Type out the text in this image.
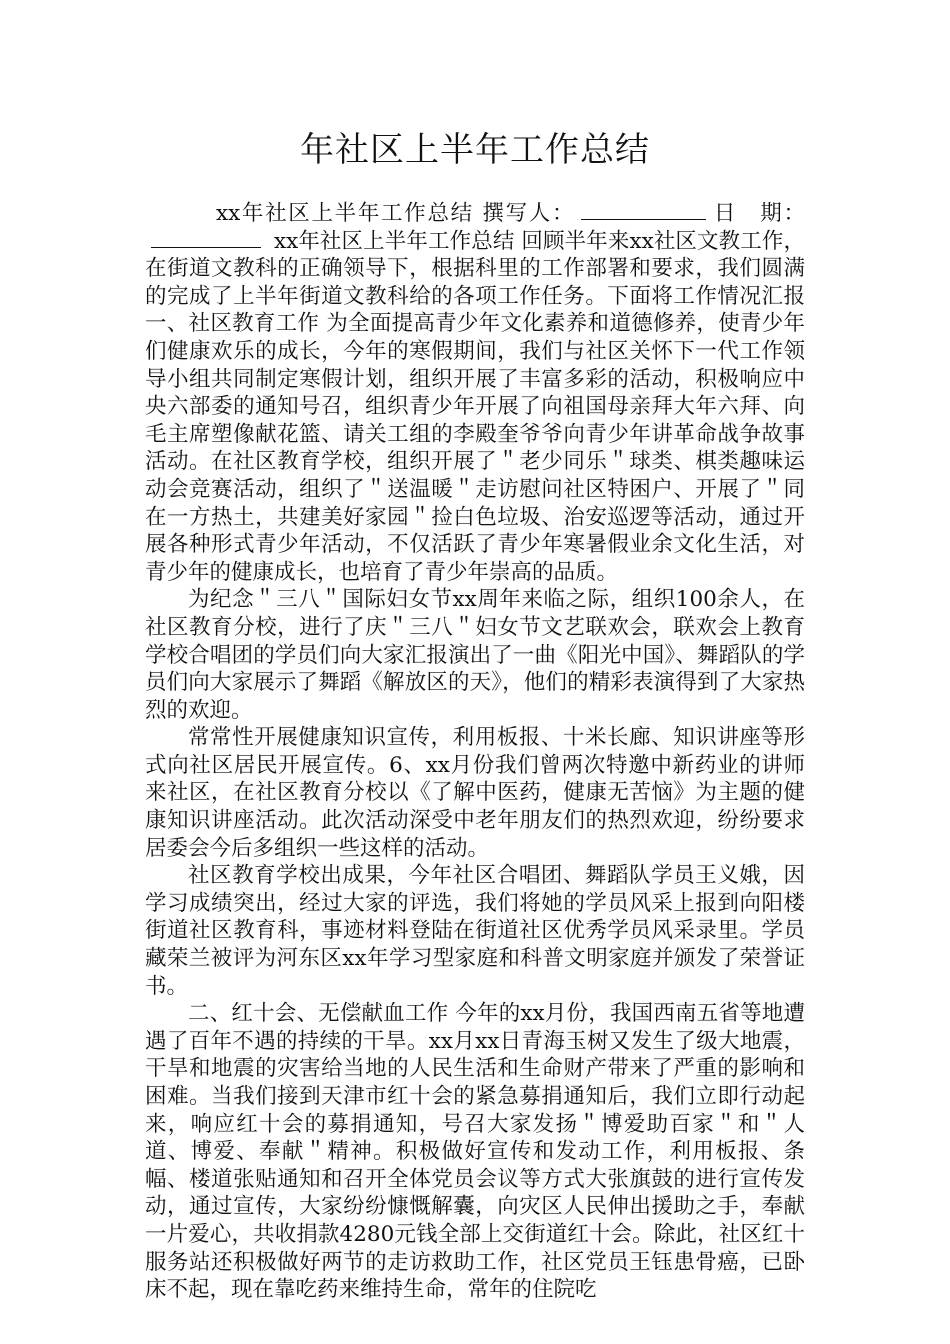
年社区上半年工作总结

xx年社区上半年工作总结 撰写人：	日　期： xx年社区上半年工作总结 回顾半年来xx社区文教工作，在街道文教科的正确领导下，根据科里的工作部署和要求，我们圆满的完成了上半年街道文教科给的各项工作任务。下面将工作情况汇报 一、社区教育工作 为全面提高青少年文化素养和道德修养，使青少年们健康欢乐的成长，今年的寒假期间，我们与社区关怀下一代工作领导小组共同制定寒假计划，组织开展了丰富多彩的活动，积极响应中央六部委的通知号召，组织青少年开展了向祖国母亲拜大年六拜、向毛主席塑像献花篮、请关工组的李殿奎爷爷向青少年讲革命战争故事活动。在社区教育学校，组织开展了＂老少同乐＂球类、棋类趣味运动会竞赛活动，组织了＂送温暖＂走访慰问社区特困户、开展了＂同在一方热土，共建美好家园＂捡白色垃圾、治安巡逻等活动，通过开展各种形式青少年活动，不仅活跃了青少年寒暑假业余文化生活，对青少年的健康成长，也培育了青少年崇高的品质。

为纪念＂三八＂国际妇女节xx周年来临之际，组织100余人，在社区教育分校，进行了庆＂三八＂妇女节文艺联欢会，联欢会上教育学校合唱团的学员们向大家汇报演出了一曲《阳光中国》、舞蹈队的学员们向大家展示了舞蹈《解放区的天》，他们的精彩表演得到了大家热烈的欢迎。

常常性开展健康知识宣传，利用板报、十米长廊、知识讲座等形式向社区居民开展宣传。6、xx月份我们曾两次特邀中新药业的讲师来社区，在社区教育分校以《了解中医药，健康无苦恼》为主题的健康知识讲座活动。此次活动深受中老年朋友们的热烈欢迎，纷纷要求居委会今后多组织一些这样的活动。

社区教育学校出成果，今年社区合唱团、舞蹈队学员王义娥，因学习成绩突出，经过大家的评选，我们将她的学员风采上报到向阳楼街道社区教育科，事迹材料登陆在街道社区优秀学员风采录里。学员藏荣兰被评为河东区xx年学习型家庭和科普文明家庭并颁发了荣誉证书。

二、红十会、无偿献血工作 今年的xx月份，我国西南五省等地遭遇了百年不遇的持续的干旱。xx月xx日青海玉树又发生了级大地震，干旱和地震的灾害给当地的人民生活和生命财产带来了严重的影响和困难。当我们接到天津市红十会的紧急募捐通知后，我们立即行动起来，响应红十会的募捐通知，号召大家发扬＂博爱助百家＂和＂人道、博爱、奉献＂精神。积极做好宣传和发动工作，利用板报、条幅、楼道张贴通知和召开全体党员会议等方式大张旗鼓的进行宣传发动，通过宣传，大家纷纷慷慨解囊，向灾区人民伸出援助之手，奉献一片爱心，共收捐款4280元钱全部上交街道红十会。除此，社区红十服务站还积极做好两节的走访救助工作，社区党员王钰患骨癌，已卧床不起，现在靠吃药来维持生命，常年的住院吃
